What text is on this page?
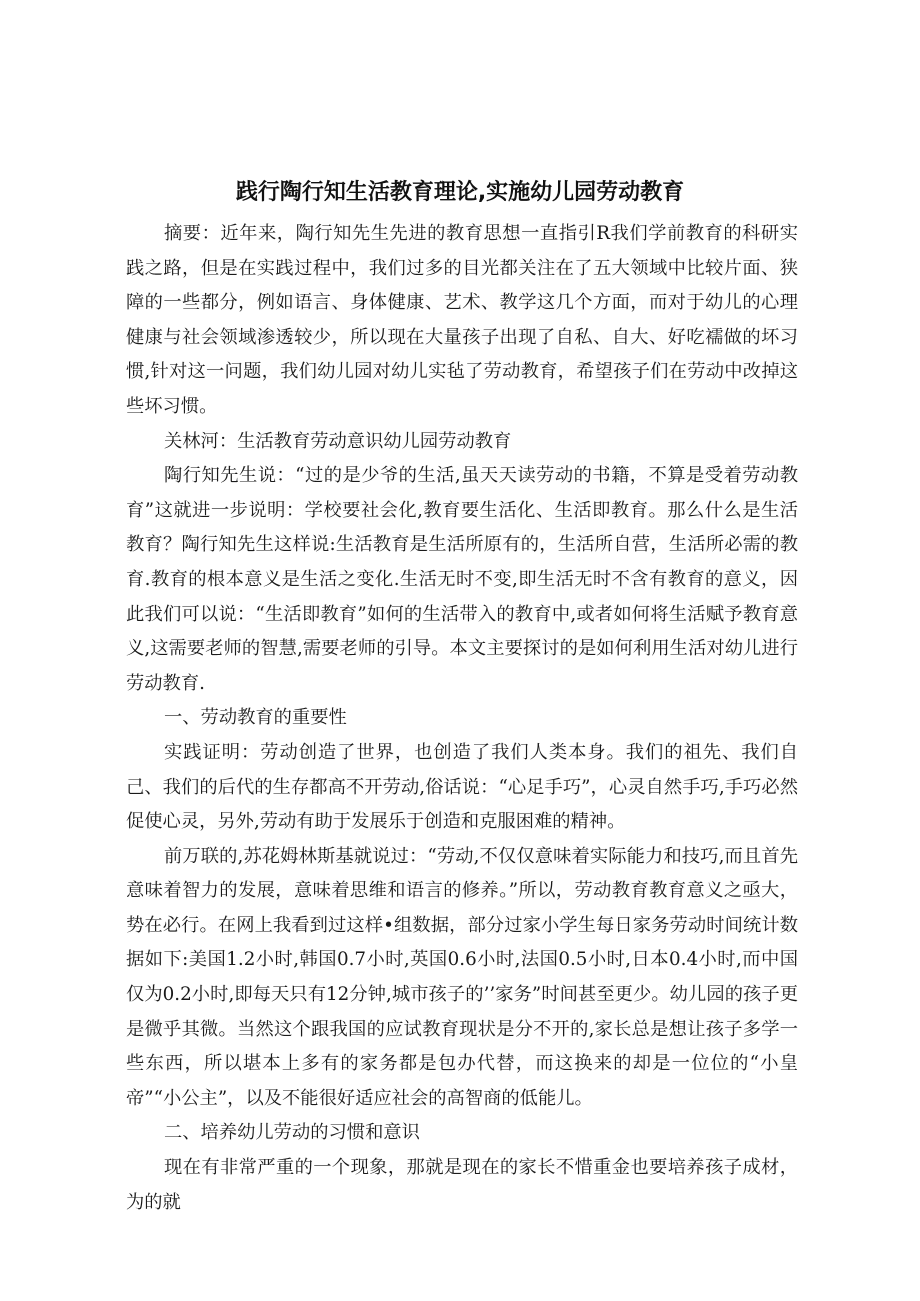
践行陶行知生活教育理论,实施幼儿园劳动教育

摘要：近年来，陶行知先生先进的教育思想一直指引R我们学前教育的科研实践之路，但是在实践过程中，我们过多的目光都关注在了五大领域中比较片面、狭障的一些都分，例如语言、身体健康、艺术、教学这几个方面，而对于幼儿的心理健康与社会领域渗透较少，所以现在大量孩子出现了自私、自大、好吃襦做的坏习惯,针对这一问题，我们幼儿园对幼儿实毡了劳动教育，希望孩子们在劳动中改掉这些坏习惯。

关林河：生活教育劳动意识幼儿园劳动教育

陶行知先生说：“过的是少爷的生活,虽天天读劳动的书籍，不算是受着劳动教育”这就进一步说明：学校要社会化,教育要生活化、生活即教育。那么什么是生活教育？陶行知先生这样说:生活教育是生活所原有的，生活所自营，生活所必需的教育.教育的根本意义是生活之变化.生活无时不变,即生活无时不含有教育的意义，因此我们可以说：“生活即教育”如何的生活带入的教育中,或者如何将生活赋予教育意义,这需要老师的智慧,需要老师的引导。本文主要探讨的是如何利用生活对幼儿进行劳动教育.

一、劳动教育的重要性

实践证明：劳动创造了世界，也创造了我们人类本身。我们的祖先、我们自己、我们的后代的生存都高不开劳动,俗话说：“心足手巧”，心灵自然手巧,手巧必然促使心灵，另外,劳动有助于发展乐于创造和克服困难的精神。

前万联的,苏花姆林斯基就说过：“劳动,不仅仅意味着实际能力和技巧,而且首先意味着智力的发展，意味着思维和语言的修养。”所以，劳动教育教育意义之亟大，势在必行。在网上我看到过这样•组数据，部分过家小学生每日家务劳动时间统计数据如下:美国1.2小时,韩国0.7小时,英国0.6小时,法国0.5小时,日本0.4小时,而中国仅为0.2小时,即每天只有12分钟,城市孩子的’’家务”时间甚至更少。幼儿园的孩子更是微乎其微。当然这个跟我国的应试教育现状是分不开的,家长总是想让孩子多学一些东西，所以堪本上多有的家务都是包办代替，而这换来的却是一位位的“小皇帝”“小公主”，以及不能很好适应社会的高智商的低能儿。

二、培养幼儿劳动的习惯和意识

现在有非常严重的一个现象，那就是现在的家长不惜重金也要培养孩子成材，为的就
